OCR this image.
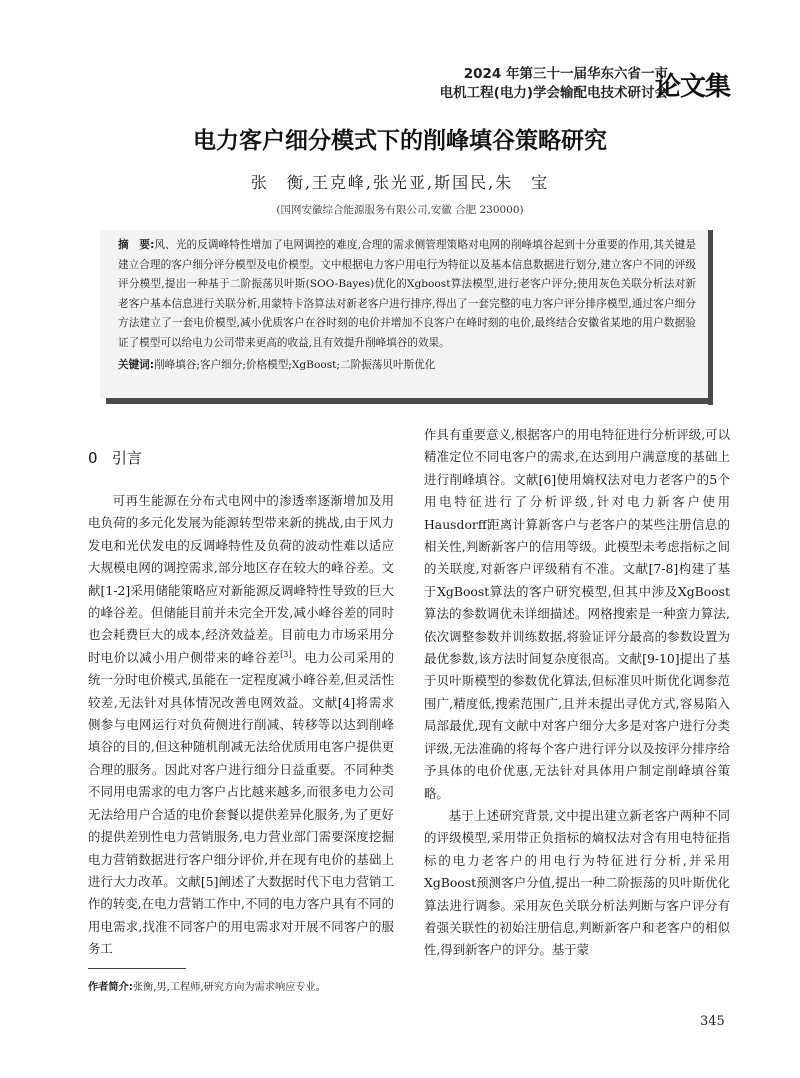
2024 年第三十一届华东六省一市
电机工程(电力)学会输配电技术研讨会
论文集
电力客户细分模式下的削峰填谷策略研究
张　衡,王克峰,张光亚,斯国民,朱　宝
(国网安徽综合能源服务有限公司,安徽 合肥 230000)
摘　要:风、光的反调峰特性增加了电网调控的难度,合理的需求侧管理策略对电网的削峰填谷起到十分重要的作用,其关键是建立合理的客户细分评分模型及电价模型。文中根据电力客户用电行为特征以及基本信息数据进行划分,建立客户不同的评级评分模型,提出一种基于二阶振荡贝叶斯(SOO-Bayes)优化的Xgboost算法模型,进行老客户评分;使用灰色关联分析法对新老客户基本信息进行关联分析,用蒙特卡洛算法对新老客户进行排序,得出了一套完整的电力客户评分排序模型,通过客户细分方法建立了一套电价模型,减小优质客户在谷时刻的电价并增加不良客户在峰时刻的电价,最终结合安徽省某地的用户数据验证了模型可以给电力公司带来更高的收益,且有效提升削峰填谷的效果。
关键词:削峰填谷;客户细分;价格模型;XgBoost;二阶振荡贝叶斯优化
0 引言

可再生能源在分布式电网中的渗透率逐渐增加及用电负荷的多元化发展为能源转型带来新的挑战,由于风力发电和光伏发电的反调峰特性及负荷的波动性难以适应大规模电网的调控需求,部分地区存在较大的峰谷差。文献[1-2]采用储能策略应对新能源反调峰特性导致的巨大的峰谷差。但储能目前并未完全开发,减小峰谷差的同时也会耗费巨大的成本,经济效益差。目前电力市场采用分时电价以减小用户侧带来的峰谷差[3]。电力公司采用的统一分时电价模式,虽能在一定程度减小峰谷差,但灵活性较差,无法针对具体情况改善电网效益。文献[4]将需求侧参与电网运行对负荷侧进行削减、转移等以达到削峰填谷的目的,但这种随机削减无法给优质用电客户提供更合理的服务。因此对客户进行细分日益重要。不同种类不同用电需求的电力客户占比越来越多,而很多电力公司无法给用户合适的电价套餐以提供差异化服务,为了更好的提供差别性电力营销服务,电力营业部门需要深度挖掘电力营销数据进行客户细分评价,并在现有电价的基础上进行大力改革。文献[5]阐述了大数据时代下电力营销工作的转变,在电力营销工作中,不同的电力客户具有不同的用电需求,找准不同客户的用电需求对开展不同客户的服务工

作具有重要意义,根据客户的用电特征进行分析评级,可以精准定位不同电客户的需求,在达到用户满意度的基础上进行削峰填谷。文献[6]使用熵权法对电力老客户的5个用电特征进行了分析评级,针对电力新客户使用Hausdorff距离计算新客户与老客户的某些注册信息的相关性,判断新客户的信用等级。此模型未考虑指标之间的关联度,对新客户评级稍有不准。文献[7-8]构建了基于XgBoost算法的客户研究模型,但其中涉及XgBoost算法的参数调优未详细描述。网格搜索是一种蛮力算法,依次调整参数并训练数据,将验证评分最高的参数设置为最优参数,该方法时间复杂度很高。文献[9-10]提出了基于贝叶斯模型的参数优化算法,但标准贝叶斯优化调参范围广,精度低,搜索范围广,且并未提出寻优方式,容易陷入局部最优,现有文献中对客户细分大多是对客户进行分类评级,无法准确的将每个客户进行评分以及按评分排序给予具体的电价优惠,无法针对具体用户制定削峰填谷策略。

基于上述研究背景,文中提出建立新老客户两种不同的评级模型,采用带正负指标的熵权法对含有用电特征指标的电力老客户的用电行为特征进行分析,并采用XgBoost预测客户分值,提出一种二阶振荡的贝叶斯优化算法进行调参。采用灰色关联分析法判断与客户评分有着强关联性的初始注册信息,判断新客户和老客户的相似性,得到新客户的评分。基于蒙

作者简介:张衡,男,工程师,研究方向为需求响应专业。
345
